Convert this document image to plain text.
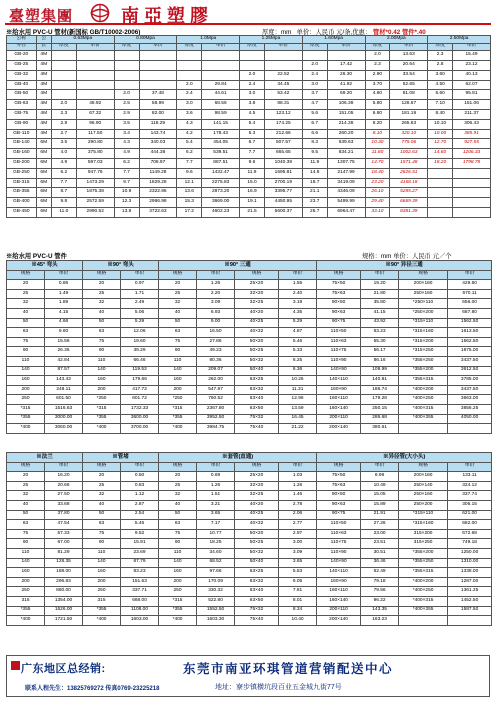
臺塑集團	南亞塑膠
※给水用 PVC-U 管材(新国标 GB/T10002-2006)	厚度：mm 单价：人民币 元/条,优惠： 管材*0.42 管件*.40
公称	公	0.63Mpa		0.80Mpa		1.0Mpa		1.25Mpa		1.60Mpa		2.00Mpa		2.50Mpa	
外径	长	厚度	单价	厚度	单价	厚度	单价	厚度	单价	厚度	单价	厚度	单价	厚度	单价
GB-20	4M											2.0	13.63	2.3	15.49
GB-25	4M									2.0	17.42	2.3	20.64	2.8	23.12
GB-32	4M							2.0	22.52	2.4	26.30	2.90	33.54	3.60	40.13
GB-40	4M					2.0	29.84	2.4	34.45	3.0	41.92	3.70	52.65	4.50	62.07
GB-50	4M			2.0	37.48	2.4	44.61	3.0	53.42	3.7	69.20	4.60	81.08	5.60	95.81
GB-63	4M	2.0	48.92	2.5	58.99	3.0	68.56	3.8	88.31	4.7	106.38	5.80	128.67	7.10	151.06
GB-75	4M	2.3	67.32	2.9	82.00	3.6	98.59	4.5	123.12	5.6	151.05	6.80	181.19	8.40	211.37
GB-90	4M	2.8	96.90	3.5	118.29	4.3	141.15	5.4	174.25	6.7	214.38	8.20	265.63	10.10	306.43
GB-110	4M	2.7	117.50	3.4	143.74	4.2	178.43	5.3	212.66	6.6	260.20	8.10	320.10	10.00	385.91
GB-140	6M	3.5	290.80	4.3	340.03	5.4	454.05	6.7	507.57	8.3	639.63	10.30	775.06	12.70	927.55
GB-160	6M	4.0	375.80	4.9	444.38	6.2	539.51	7.7	665.65	9.5	834.21	11.80	1002.63	14.60	1206.33
GB-200	6M	4.9	597.03	6.2	708.97	7.7	887.51	9.6	1040.39	11.9	1307.75	14.70	1571.48	18.20	1798.78
GB-250	6M	6.2	947.76	7.7	1149.28	9.6	1432.47	11.9	1695.81	14.8	2147.99	18.40	2626.51		
GB-315	6M	7.7	1473.29	9.7	1829.28	12.1	2275.83	15.0	2700.19	18.7	3419.09	23.20	4168.18		
GB-355	6M	8.7	1875.38	10.9	2322.95	13.6	2873.20	16.9	3395.77	21.1	4346.09	26.10	5285.27		
GB-400	6M	9.8	2572.59	12.3	2966.98	15.3	3669.00	19.1	4450.95	23.7	5499.99	29.40	6669.39		
GB-450	6M	11.0	2990.52	13.8	3722.63	17.2	4602.23	21.5	5600.37	26.7	6964.47	33.10	8381.39		
※给水用 PVC-U 管件	规格：mm 单价：人民币 元／个
※45° 弯头		※90° 弯头		※90° 三通				※90° 异径三通			
规格	单价	规格	单价	规格	单价	规格	单价	规格	单价	规格	单价
20	0.86	20	0.97	20	1.26	25×20	1.55	75×50	19.20	200×160	429.60
25	1.49	25	1.71	25	2.20	32×20	2.40	75×63	21.80	250×160	670.11
32	1.89	32	2.49	32	3.09	32×25	3.19	90×50	35.80	*250×110	656.00
40	4.15	40	5.06	40	6.93	40×20	4.35	90×63	41.15	*250×200	687.80
50	4.66	50	5.29	50	9.00	40×25	5.29	90×75	43.92	*315×110	1562.50
63	9.60	63	12.06	63	16.50	40×32	4.87	110×50	63.23	*315×160	1613.50
75	15.58	75	19.60	75	27.86	50×20	5.46	110×63	55.30	*315×200	1562.50
90	26.36	90	39.29	90	49.23	50×25	5.33	110×75	56.17	*315×250	1875.00
110	42.84	110	66.46	110	80.36	50×32	6.25	110×90	86.16	*355×250	3437.50
140	87.57	140	119.53	140	209.07	50×40	6.36	140×90	109.99	*355×200	3612.50
160	143.43	160	179.66	160	262.00	63×25	10.26	140×110	140.81	*355×315	3785.00
200	248.11	200	417.72	200	547.97	63×32	11.31	160×90	186.74	*400×200	3437.50
250	601.50	*250	601.72	*250	760.52	63×40	12.96	160×110	179.28	*400×250	3663.00
*315	1516.63	*315	1732.33	*315	2367.80	63×50	13.59	160×140	250.15	*400×315	3856.25
*355	3000.00	*355	3600.00	*355	3952.50	75×32	16.45	200×110	286.68	*400×355	4050.00
*400	3060.00	*400	3700.00	*400	3984.75	75×40	21.22	200×140	380.61		
※法兰		※管堵		※套管(直通)				※异径管(大小头)			
规格	单价	规格	单价	规格	单价	规格	单价	规格	单价	规格	单价
20	16.20	20	0.50	20	0.69	25×20	1.03	75×50	8.96	200×160	133.11
25	20.66	25	0.83	25	1.26	32×20	1.26	75×63	10.49	250×140	324.12
32	27.50	32	1.12	32	1.51	32×25	1.46	90×50	15.05	250×160	337.74
40	33.68	40	2.87	40	3.21	40×20	2.78	90×63	15.89	250×200	306.15
50	37.80	50	2.54	50	3.65	40×25	2.06	90×75	21.91	*315×110	621.00
63	47.54	63	5.46	63	7.17	40×32	2.77	110×50	27.26	*315×160	682.00
75	57.33	75	9.52	75	10.77	50×20	2.97	110×63	23.00	315×200	672.68
90	67.00	90	15.91	90	18.25	50×25	3.00	110×75	23.51	315×250	749.18
110	81.29	110	23.69	110	34.60	50×32	3.09	110×90	30.51	*355×200	1250.00
140	128.35	140	87.79	140	68.52	50×40	3.65	140×90	36.46	*355×250	1310.00
160	188.00	160	83.23	160	97.66	63×25	5.53	140×110	62.49	*355×315	1338.00
200	296.83	200	151.63	200	170.09	63×32	6.05	160×90	79.18	*400×200	1287.00
250	880.00	250	337.71	250	330.32	63×40	7.81	160×110	79.56	*400×250	1361.25
315	1354.00	315	668.00	*315	522.80	63×50	8.01	160×140	96.22	*400×315	1452.50
*355	1526.00	*355	1108.00	*355	1552.50	75×32	8.34	200×110	143.35	*400×355	1587.50
*400	1721.50	*400	1603.00	*400	1603.30	75×40	10.40	200×140	163.23		
广东地区总经销:	东莞市南亚环琪管道营销配送中心
联系人程先生：13825769272 传真0769-23225218	地址：寮步镇横坑段百业五金城九街77号
